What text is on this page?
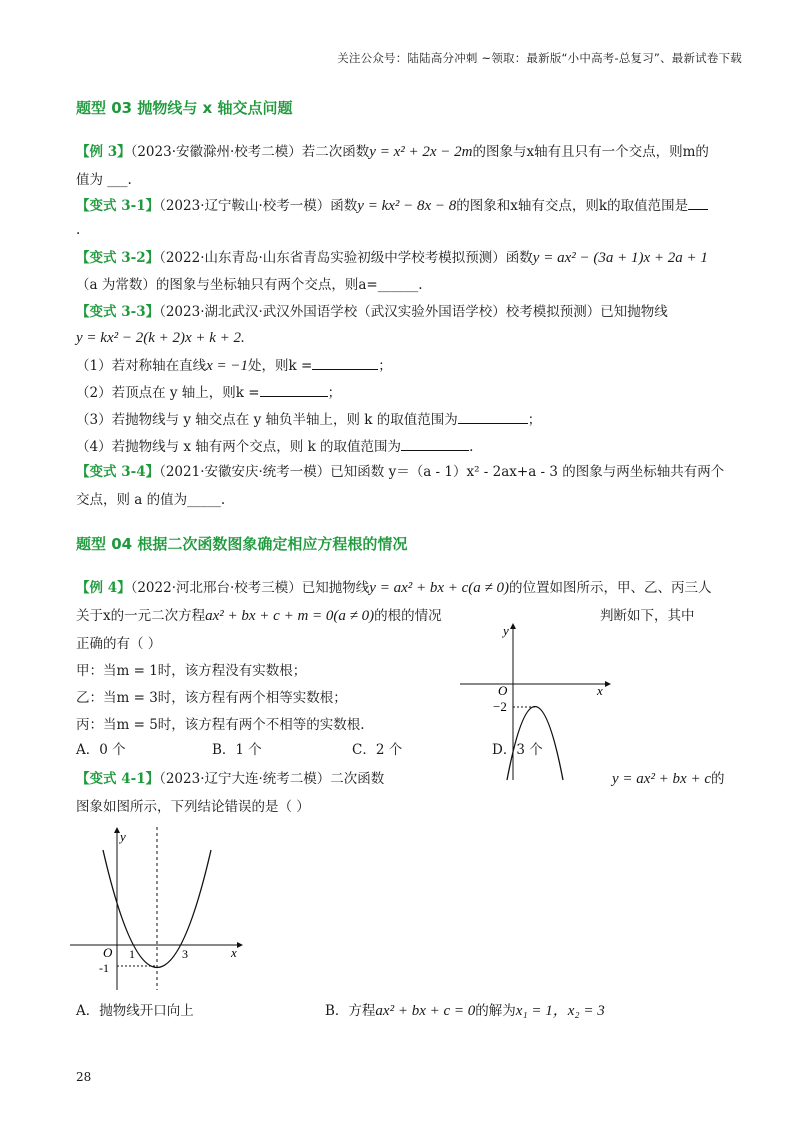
关注公众号：陆陆高分冲刺 ~领取：最新版“小中高考-总复习”、最新试卷下载
题型 03 抛物线与 x 轴交点问题
【例 3】（2023·安徽滁州·校考二模）若二次函数y = x² + 2x − 2m的图象与x轴有且只有一个交点，则m的
值为 ___.
【变式 3-1】（2023·辽宁鞍山·校考一模）函数y = kx² − 8x − 8的图象和x轴有交点，则k的取值范围是
.
【变式 3-2】（2022·山东青岛·山东省青岛实验初级中学校考模拟预测）函数y = ax² − (3a + 1)x + 2a + 1
（a 为常数）的图象与坐标轴只有两个交点，则a=______.
【变式 3-3】（2023·湖北武汉·武汉外国语学校（武汉实验外国语学校）校考模拟预测）已知抛物线
y = kx² − 2(k + 2)x + k + 2.
（1）若对称轴在直线x = −1处，则k =	；
（2）若顶点在 y 轴上，则k =	；
（3）若抛物线与 y 轴交点在 y 轴负半轴上，则 k 的取值范围为	；
（4）若抛物线与 x 轴有两个交点，则 k 的取值范围为	.
【变式 3-4】（2021·安徽安庆·统考一模）已知函数 y＝（a - 1）x² - 2ax+a - 3 的图象与两坐标轴共有两个
交点，则 a 的值为_____.
题型 04 根据二次函数图象确定相应方程根的情况
【例 4】（2022·河北邢台·校考三模）已知抛物线y = ax² + bx + c(a ≠ 0)的位置如图所示，甲、乙、丙三人
关于x的一元二次方程ax² + bx + c + m = 0(a ≠ 0)的根的情况	判断如下，其中
正确的有（ ）
甲：当m = 1时，该方程没有实数根；
乙：当m = 3时，该方程有两个相等实数根；
丙：当m = 5时，该方程有两个不相等的实数根.
A．0 个	B．1 个	C．2 个	D．3 个
y
x
O
−2
【变式 4-1】（2023·辽宁大连·统考二模）二次函数	y = ax² + bx + c的
图象如图所示，下列结论错误的是（ ）
y
x
O 1	3
-1
A．抛物线开口向上	B．方程ax² + bx + c = 0的解为x₁ = 1，x₂ = 3
28
